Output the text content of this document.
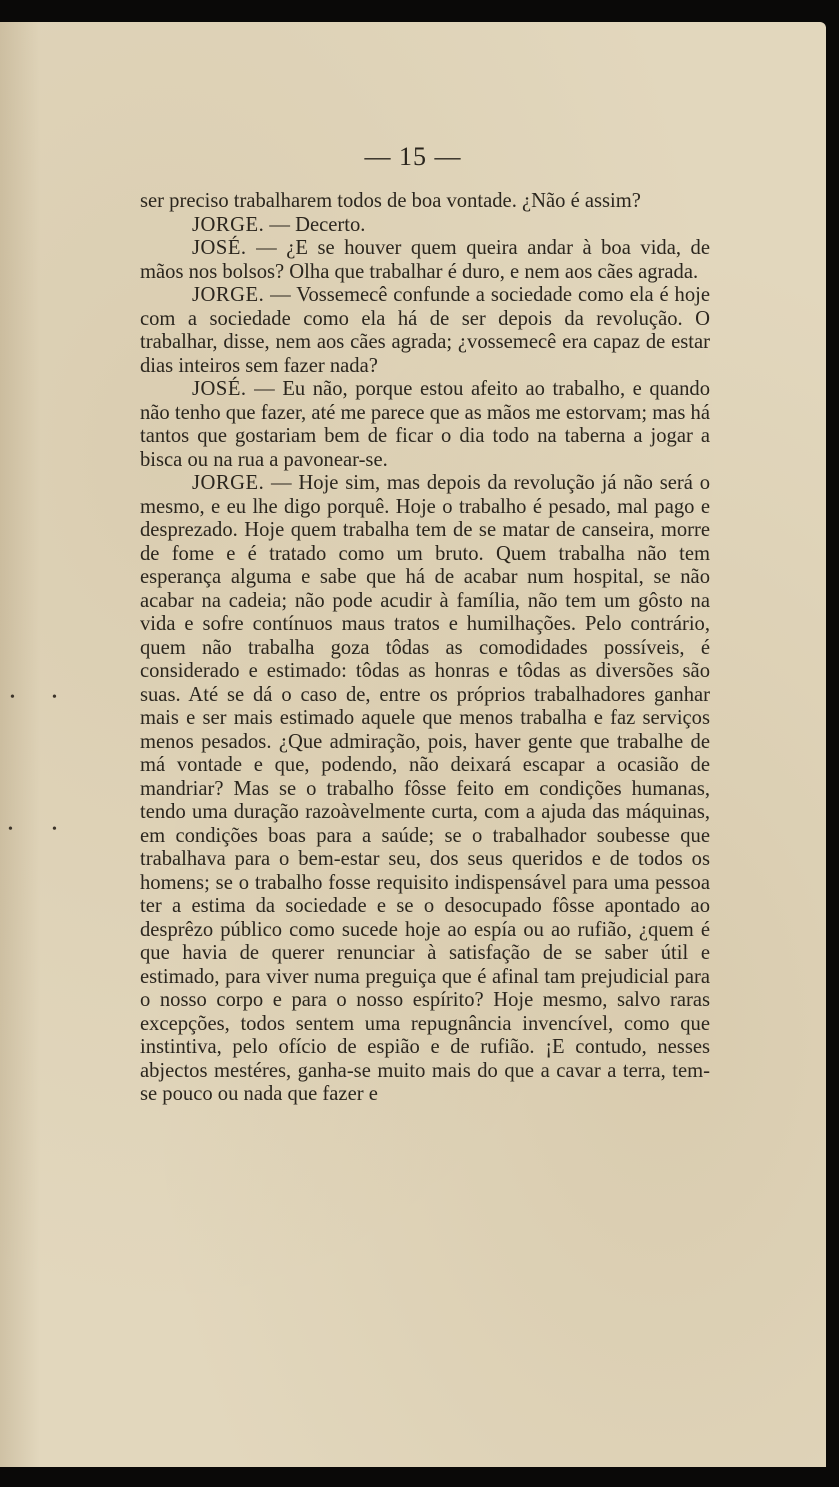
— 15 —

ser preciso trabalharem todos de boa vontade. ¿Não é assim?

JORGE. — Decerto.

JOSÉ. — ¿E se houver quem queira andar à boa vida, de mãos nos bolsos? Olha que trabalhar é duro, e nem aos cães agrada.

JORGE. — Vossemecê confunde a sociedade como ela é hoje com a sociedade como ela há de ser depois da revolução. O trabalhar, disse, nem aos cães agrada; ¿vossemecê era capaz de estar dias inteiros sem fazer nada?

JOSÉ. — Eu não, porque estou afeito ao trabalho, e quando não tenho que fazer, até me parece que as mãos me estorvam; mas há tantos que gostariam bem de ficar o dia todo na taberna a jogar a bisca ou na rua a pavonear-se.

JORGE. — Hoje sim, mas depois da revolução já não será o mesmo, e eu lhe digo porquê. Hoje o trabalho é pesado, mal pago e desprezado. Hoje quem trabalha tem de se matar de canseira, morre de fome e é tratado como um bruto. Quem trabalha não tem esperança alguma e sabe que há de acabar num hospital, se não acabar na cadeia; não pode acudir à família, não tem um gôsto na vida e sofre contínuos maus tratos e humilhações. Pelo contrário, quem não trabalha goza tôdas as comodidades possíveis, é considerado e estimado: tôdas as honras e tôdas as diversões são suas. Até se dá o caso de, entre os próprios trabalhadores ganhar mais e ser mais estimado aquele que menos trabalha e faz serviços menos pesados. ¿Que admiração, pois, haver gente que trabalhe de má vontade e que, podendo, não deixará escapar a ocasião de mandriar? Mas se o trabalho fôsse feito em condições humanas, tendo uma duração razoàvelmente curta, com a ajuda das máquinas, em condições boas para a saúde; se o trabalhador soubesse que trabalhava para o bem-estar seu, dos seus queridos e de todos os homens; se o trabalho fosse requisito indispensável para uma pessoa ter a estima da sociedade e se o desocupado fôsse apontado ao desprêzo público como sucede hoje ao espía ou ao rufião, ¿quem é que havia de querer renunciar à satisfação de se saber útil e estimado, para viver numa preguiça que é afinal tam prejudicial para o nosso corpo e para o nosso espírito? Hoje mesmo, salvo raras excepções, todos sentem uma repugnância invencível, como que instintiva, pelo ofício de espião e de rufião. ¡E contudo, nesses abjectos mestéres, ganha-se muito mais do que a cavar a terra, tem-se pouco ou nada que fazer e

•	•
•	•
